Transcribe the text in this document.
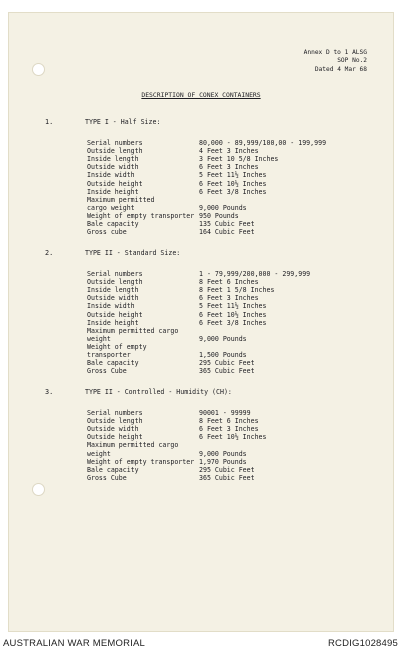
Annex D to 1 ALSG
SOP No.2
Dated 4 Mar 68
DESCRIPTION OF CONEX CONTAINERS
1.	TYPE I - Half Size:
Serial numbers	80,000 - 89,999/100,00 - 199,999
Outside length	4 Feet 3 Inches
Inside length	3 Feet 10 5/8 Inches
Outside width	6 Feet 3 Inches
Inside width	5 Feet 11½ Inches
Outside height	6 Feet 10½ Inches
Inside height	6 Feet 3/8 Inches
Maximum permitted
cargo weight	9,000 Pounds
Weight of empty transporter 950 Pounds
Bale capacity	135 Cubic Feet
Gross cube	164 Cubic Feet
2.	TYPE II - Standard Size:
Serial numbers	1 - 79,999/200,000 - 299,999
Outside length	8 Feet 6 Inches
Inside length	8 Feet 1 5/8 Inches
Outside width	6 Feet 3 Inches
Inside width	5 Feet 11½ Inches
Outside height	6 Feet 10½ Inches
Inside height	6 Feet 3/8 Inches
Maximum permitted cargo
weight	9,000 Pounds
Weight of empty
transporter	1,500 Pounds
Bale capacity	295 Cubic Feet
Gross Cube	365 Cubic Feet
3.	TYPE II - Controlled - Humidity (CH):
Serial numbers	90001 - 99999
Outside length	8 Feet 6 Inches
Outside width	6 Feet 3 Inches
Outside height	6 Feet 10½ Inches
Maximum permitted cargo
weight	9,000 Pounds
Weight of empty transporter 1,970 Pounds
Bale capacity	295 Cubic Feet
Gross Cube	365 Cubic Feet
AUSTRALIAN WAR MEMORIAL	RCDIG1028495
